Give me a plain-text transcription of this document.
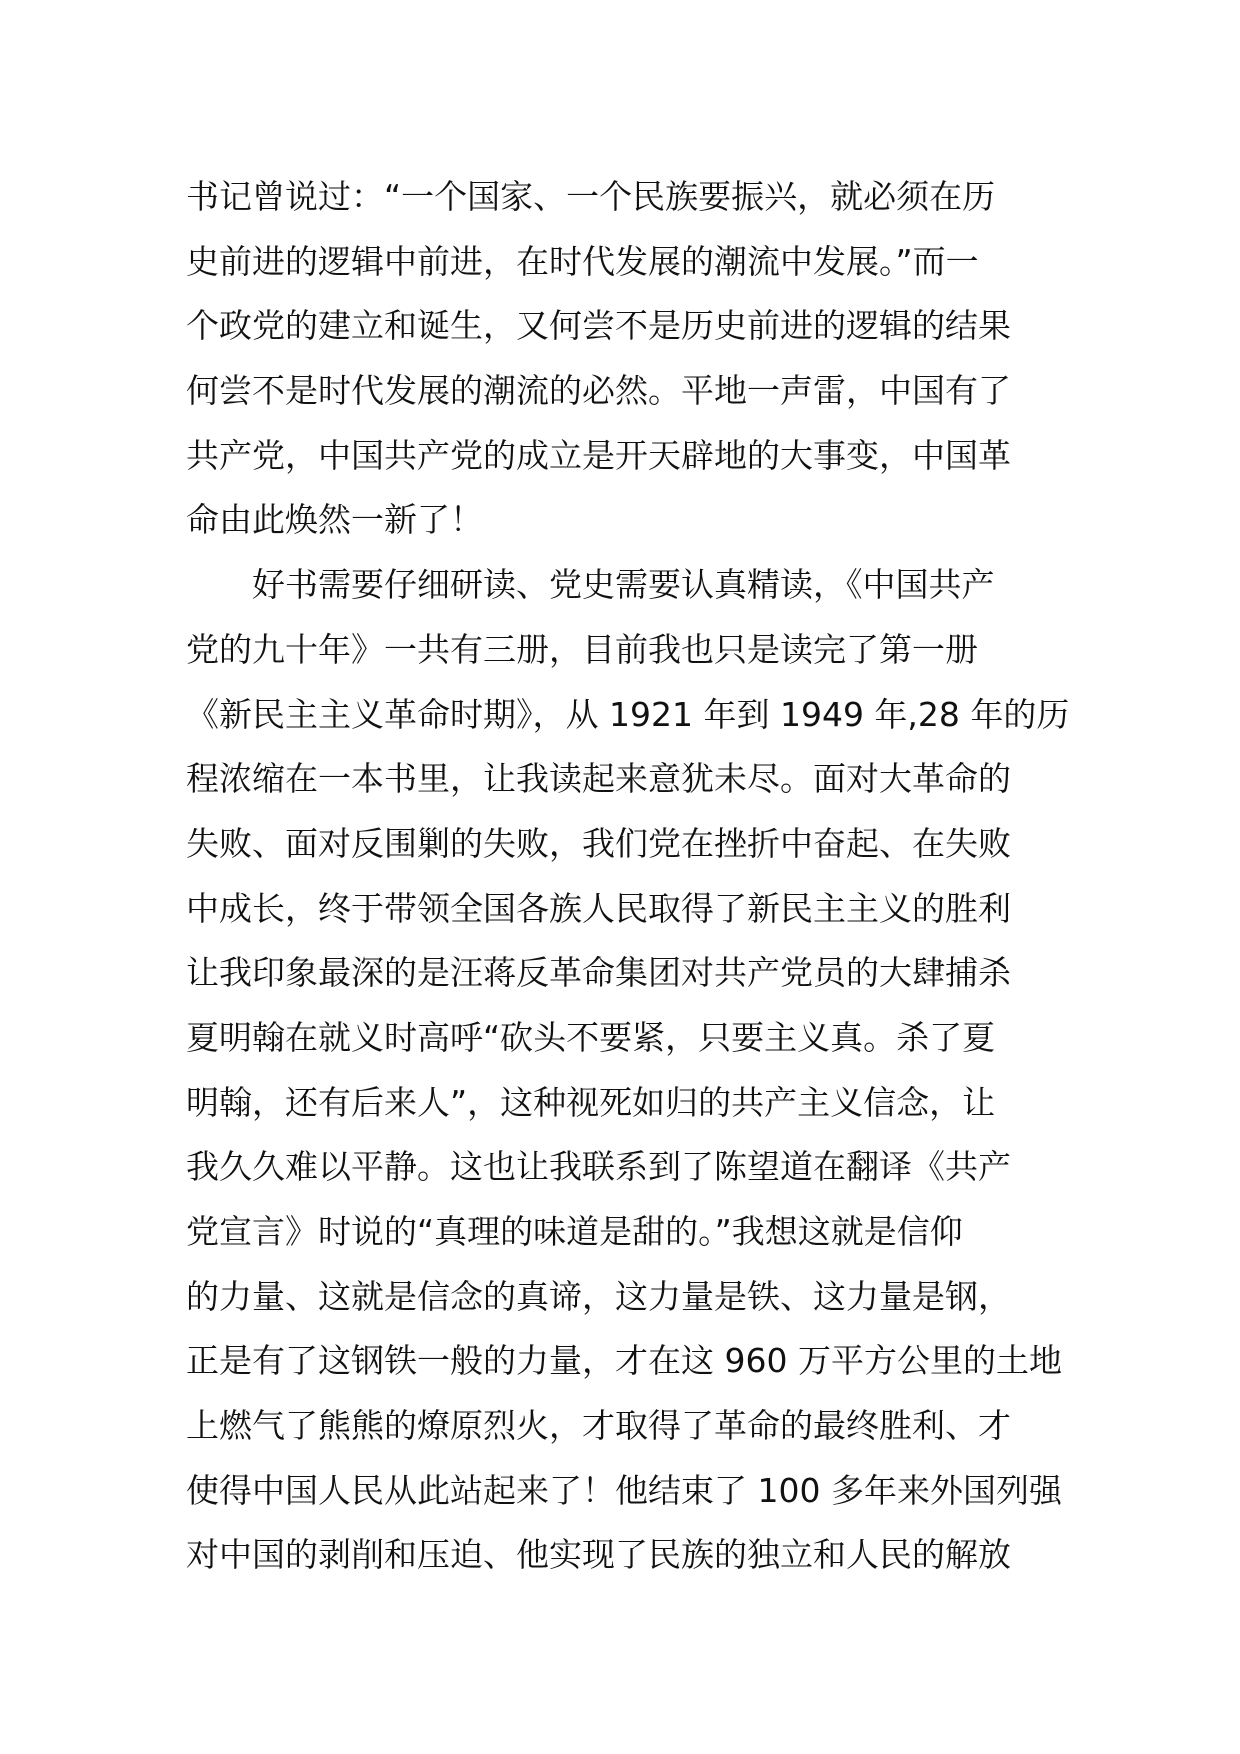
书记曾说过：“一个国家、一个民族要振兴，就必须在历
史前进的逻辑中前进，在时代发展的潮流中发展。”而一
个政党的建立和诞生，又何尝不是历史前进的逻辑的结果
何尝不是时代发展的潮流的必然。平地一声雷，中国有了
共产党，中国共产党的成立是开天辟地的大事变，中国革
命由此焕然一新了！
好书需要仔细研读、党史需要认真精读，《中国共产
党的九十年》一共有三册，目前我也只是读完了第一册
《新民主主义革命时期》，从 1921 年到 1949 年,28 年的历
程浓缩在一本书里，让我读起来意犹未尽。面对大革命的
失败、面对反围剿的失败，我们党在挫折中奋起、在失败
中成长，终于带领全国各族人民取得了新民主主义的胜利
让我印象最深的是汪蒋反革命集团对共产党员的大肆捕杀
夏明翰在就义时高呼“砍头不要紧，只要主义真。杀了夏
明翰，还有后来人”，这种视死如归的共产主义信念，让
我久久难以平静。这也让我联系到了陈望道在翻译《共产
党宣言》时说的“真理的味道是甜的。”我想这就是信仰
的力量、这就是信念的真谛，这力量是铁、这力量是钢，
正是有了这钢铁一般的力量，才在这 960 万平方公里的土地
上燃气了熊熊的燎原烈火，才取得了革命的最终胜利、才
使得中国人民从此站起来了！他结束了 100 多年来外国列强
对中国的剥削和压迫、他实现了民族的独立和人民的解放
